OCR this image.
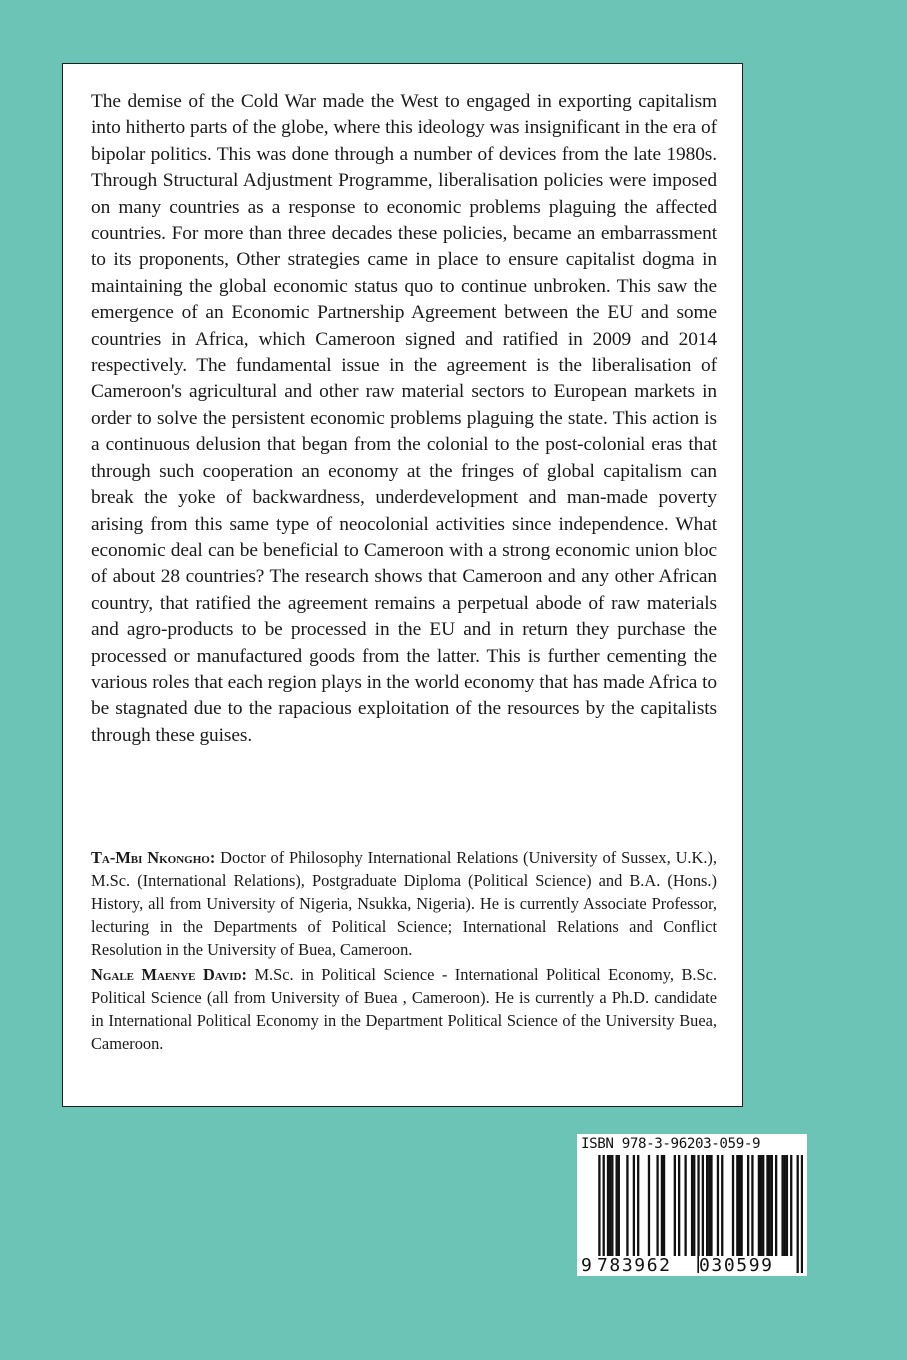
The demise of the Cold War made the West to engaged in exporting capitalism into hitherto parts of the globe, where this ideology was insignificant in the era of bipolar politics. This was done through a number of devices from the late 1980s. Through Structural Adjustment Programme, liberalisation policies were imposed on many countries as a response to economic problems plaguing the affected countries. For more than three decades these policies, became an embarrassment to its proponents, Other strategies came in place to ensure capitalist dogma in maintaining the global economic status quo to continue unbroken. This saw the emergence of an Economic Partnership Agreement between the EU and some countries in Africa, which Cameroon signed and ratified in 2009 and 2014 respectively. The fundamental issue in the agreement is the liberalisation of Cameroon's agricultural and other raw material sectors to European markets in order to solve the persistent economic problems plaguing the state. This action is a continuous delusion that began from the colonial to the post-colonial eras that through such cooperation an economy at the fringes of global capitalism can break the yoke of backwardness, underdevelopment and man-made poverty arising from this same type of neocolonial activities since independence. What economic deal can be beneficial to Cameroon with a strong economic union bloc of about 28 countries? The research shows that Cameroon and any other African country, that ratified the agreement remains a perpetual abode of raw materials and agro-products to be processed in the EU and in return they purchase the processed or manufactured goods from the latter. This is further cementing the various roles that each region plays in the world economy that has made Africa to be stagnated due to the rapacious exploitation of the resources by the capitalists through these guises.

Ta-Mbi Nkongho: Doctor of Philosophy International Relations (University of Sussex, U.K.), M.Sc. (International Relations), Postgraduate Diploma (Political Science) and B.A. (Hons.) History, all from University of Nigeria, Nsukka, Nigeria). He is currently Associate Professor, lecturing in the Departments of Political Science; International Relations and Conflict Resolution in the University of Buea, Cameroon.

Ngale Maenye David: M.Sc. in Political Science - International Political Economy, B.Sc. Political Science (all from University of Buea , Cameroon). He is currently a Ph.D. candidate in International Political Economy in the Department Political Science of the University Buea, Cameroon.

ISBN 978-3-96203-059-9

9 783962 030599
